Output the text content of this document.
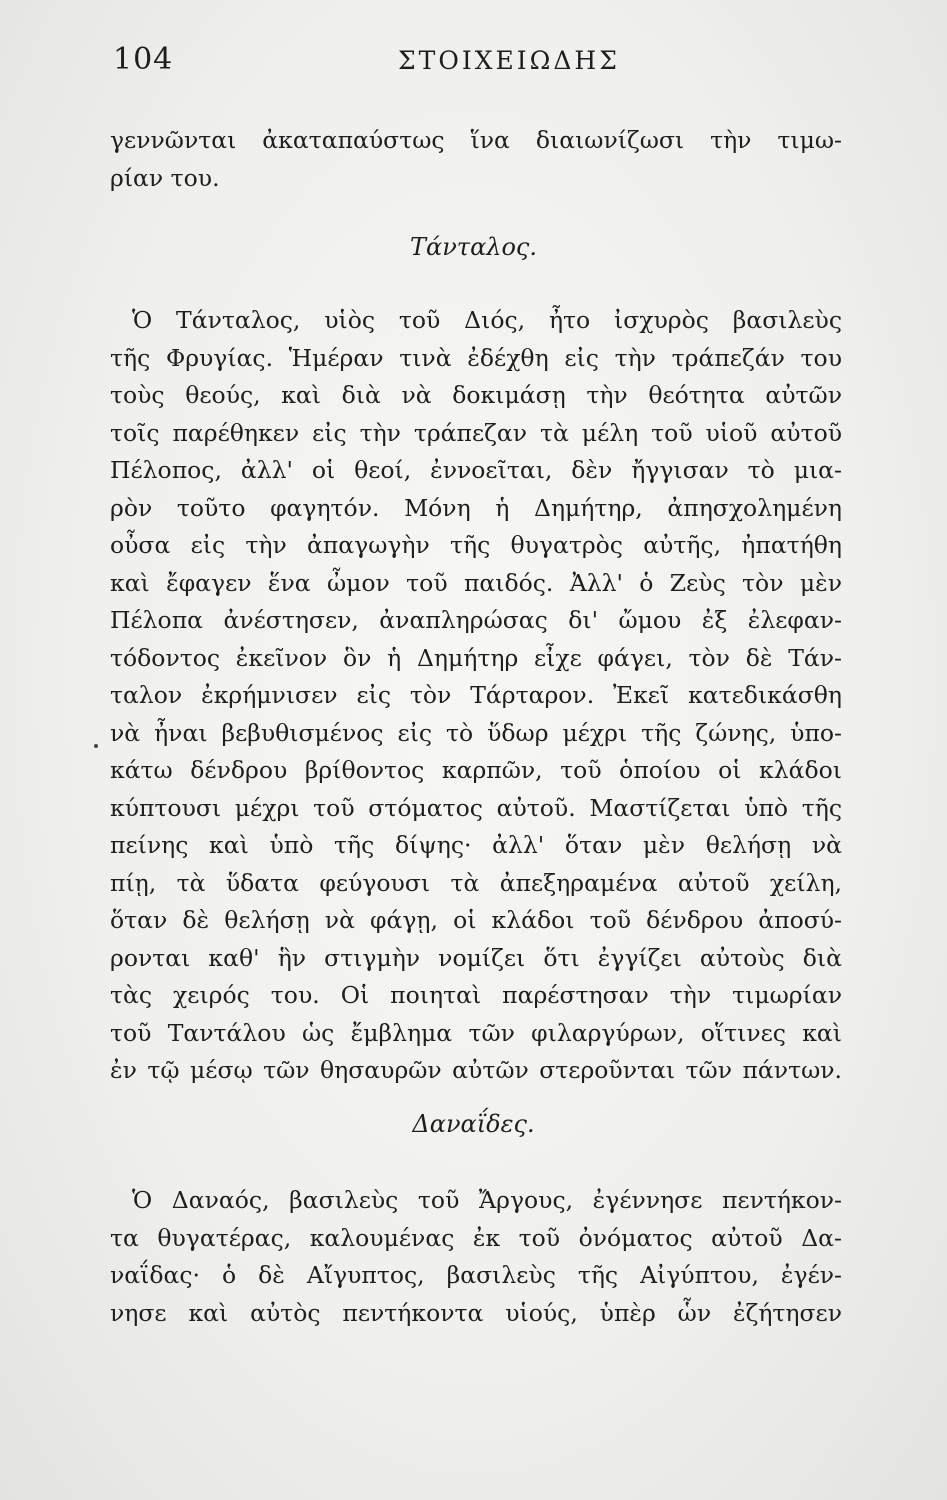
104	ΣΤΟΙΧΕΙΩΔΗΣ
γεννῶνται ἀκαταπαύστως ἵνα διαιωνίζωσι τὴν τιμω-
ρίαν του.
Τάνταλος.
Ὁ Τάνταλος, υἱὸς τοῦ Διός, ἦτο ἰσχυρὸς βασιλεὺς
τῆς Φρυγίας. Ἡμέραν τινὰ ἐδέχθη εἰς τὴν τράπεζάν του
τοὺς θεούς, καὶ διὰ νὰ δοκιμάσῃ τὴν θεότητα αὐτῶν
τοῖς παρέθηκεν εἰς τὴν τράπεζαν τὰ μέλη τοῦ υἱοῦ αὐτοῦ
Πέλοπος, ἀλλ' οἱ θεοί, ἐννοεῖται, δὲν ἤγγισαν τὸ μια-
ρὸν τοῦτο φαγητόν. Μόνη ἡ Δημήτηρ, ἀπησχολημένη
οὖσα εἰς τὴν ἀπαγωγὴν τῆς θυγατρὸς αὐτῆς, ἠπατήθη
καὶ ἔφαγεν ἕνα ὦμον τοῦ παιδός. Ἀλλ' ὁ Ζεὺς τὸν μὲν
Πέλοπα ἀνέστησεν, ἀναπληρώσας δι' ὤμου ἐξ ἐλεφαν-
τόδοντος ἐκεῖνον ὃν ἡ Δημήτηρ εἶχε φάγει, τὸν δὲ Τάν-
ταλον ἐκρήμνισεν εἰς τὸν Τάρταρον. Ἐκεῖ κατεδικάσθη
νὰ ἦναι βεβυθισμένος εἰς τὸ ὕδωρ μέχρι τῆς ζώνης, ὑπο-
κάτω δένδρου βρίθοντος καρπῶν, τοῦ ὁποίου οἱ κλάδοι
κύπτουσι μέχρι τοῦ στόματος αὐτοῦ. Μαστίζεται ὑπὸ τῆς
πείνης καὶ ὑπὸ τῆς δίψης· ἀλλ' ὅταν μὲν θελήσῃ νὰ
πίῃ, τὰ ὕδατα φεύγουσι τὰ ἀπεξηραμένα αὐτοῦ χείλη,
ὅταν δὲ θελήσῃ νὰ φάγῃ, οἱ κλάδοι τοῦ δένδρου ἀποσύ-
ρονται καθ' ἣν στιγμὴν νομίζει ὅτι ἐγγίζει αὐτοὺς διὰ
τὰς χειρός του. Οἱ ποιηταὶ παρέστησαν τὴν τιμωρίαν
τοῦ Ταντάλου ὡς ἔμβλημα τῶν φιλαργύρων, οἵτινες καὶ
ἐν τῷ μέσῳ τῶν θησαυρῶν αὐτῶν στεροῦνται τῶν πάντων.
Δαναΐδες.
Ὁ Δαναός, βασιλεὺς τοῦ Ἄργους, ἐγέννησε πεντήκον-
τα θυγατέρας, καλουμένας ἐκ τοῦ ὀνόματος αὐτοῦ Δα-
ναΐδας· ὁ δὲ Αἴγυπτος, βασιλεὺς τῆς Αἰγύπτου, ἐγέν-
νησε καὶ αὐτὸς πεντήκοντα υἱούς, ὑπὲρ ὧν ἐζήτησεν
